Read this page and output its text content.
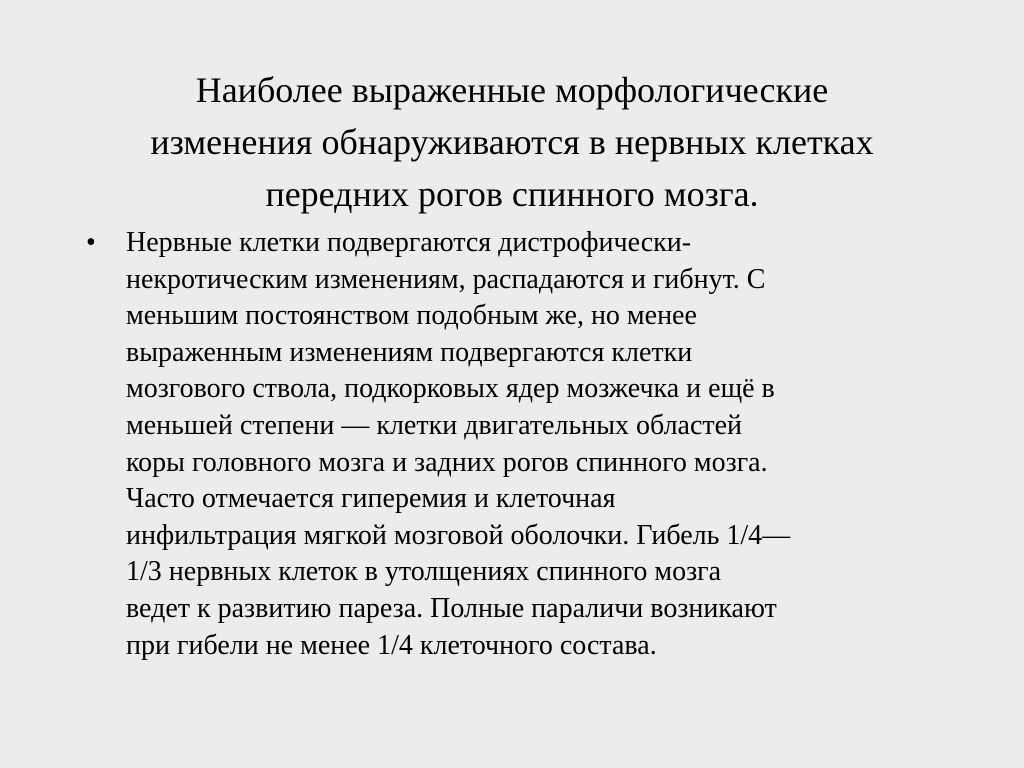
Наиболее выраженные морфологические
изменения обнаруживаются в нервных клетках
передних рогов спинного мозга.
• Нервные клетки подвергаются дистрофически-
некротическим изменениям, распадаются и гибнут. С
меньшим постоянством подобным же, но менее
выраженным изменениям подвергаются клетки
мозгового ствола, подкорковых ядер мозжечка и ещё в
меньшей степени — клетки двигательных областей
коры головного мозга и задних рогов спинного мозга.
Часто отмечается гиперемия и клеточная
инфильтрация мягкой мозговой оболочки. Гибель 1/4—
1/3 нервных клеток в утолщениях спинного мозга
ведет к развитию пареза. Полные параличи возникают
при гибели не менее 1/4 клеточного состава.
